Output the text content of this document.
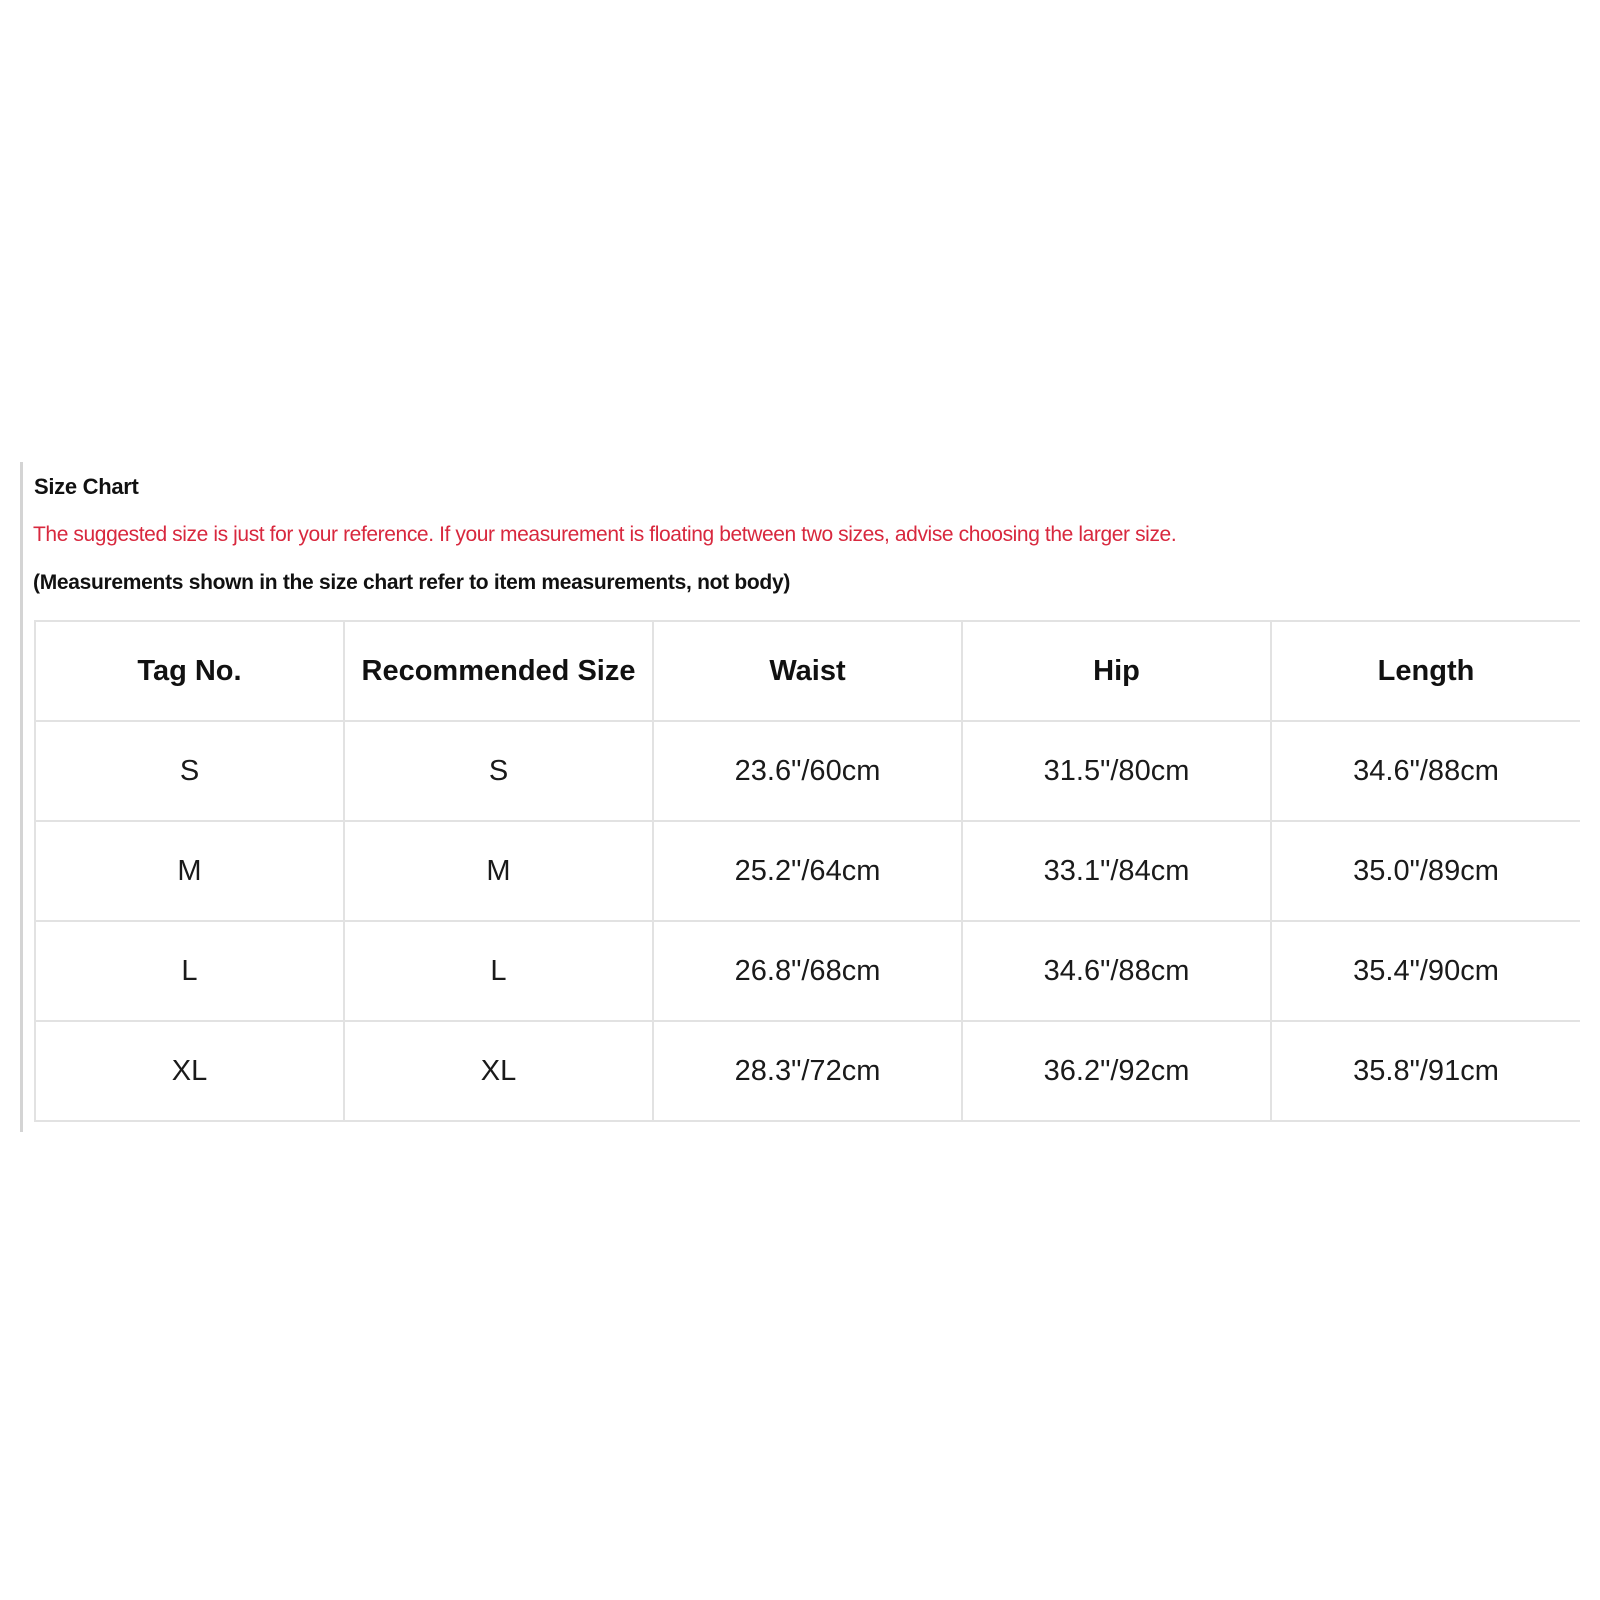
Size Chart
The suggested size is just for your reference. If your measurement is floating between two sizes, advise choosing the larger size.
(Measurements shown in the size chart refer to item measurements, not body)
Tag No.	Recommended Size	Waist	Hip	Length
S	S	23.6"/60cm	31.5"/80cm	34.6"/88cm
M	M	25.2"/64cm	33.1"/84cm	35.0"/89cm
L	L	26.8"/68cm	34.6"/88cm	35.4"/90cm
XL	XL	28.3"/72cm	36.2"/92cm	35.8"/91cm
